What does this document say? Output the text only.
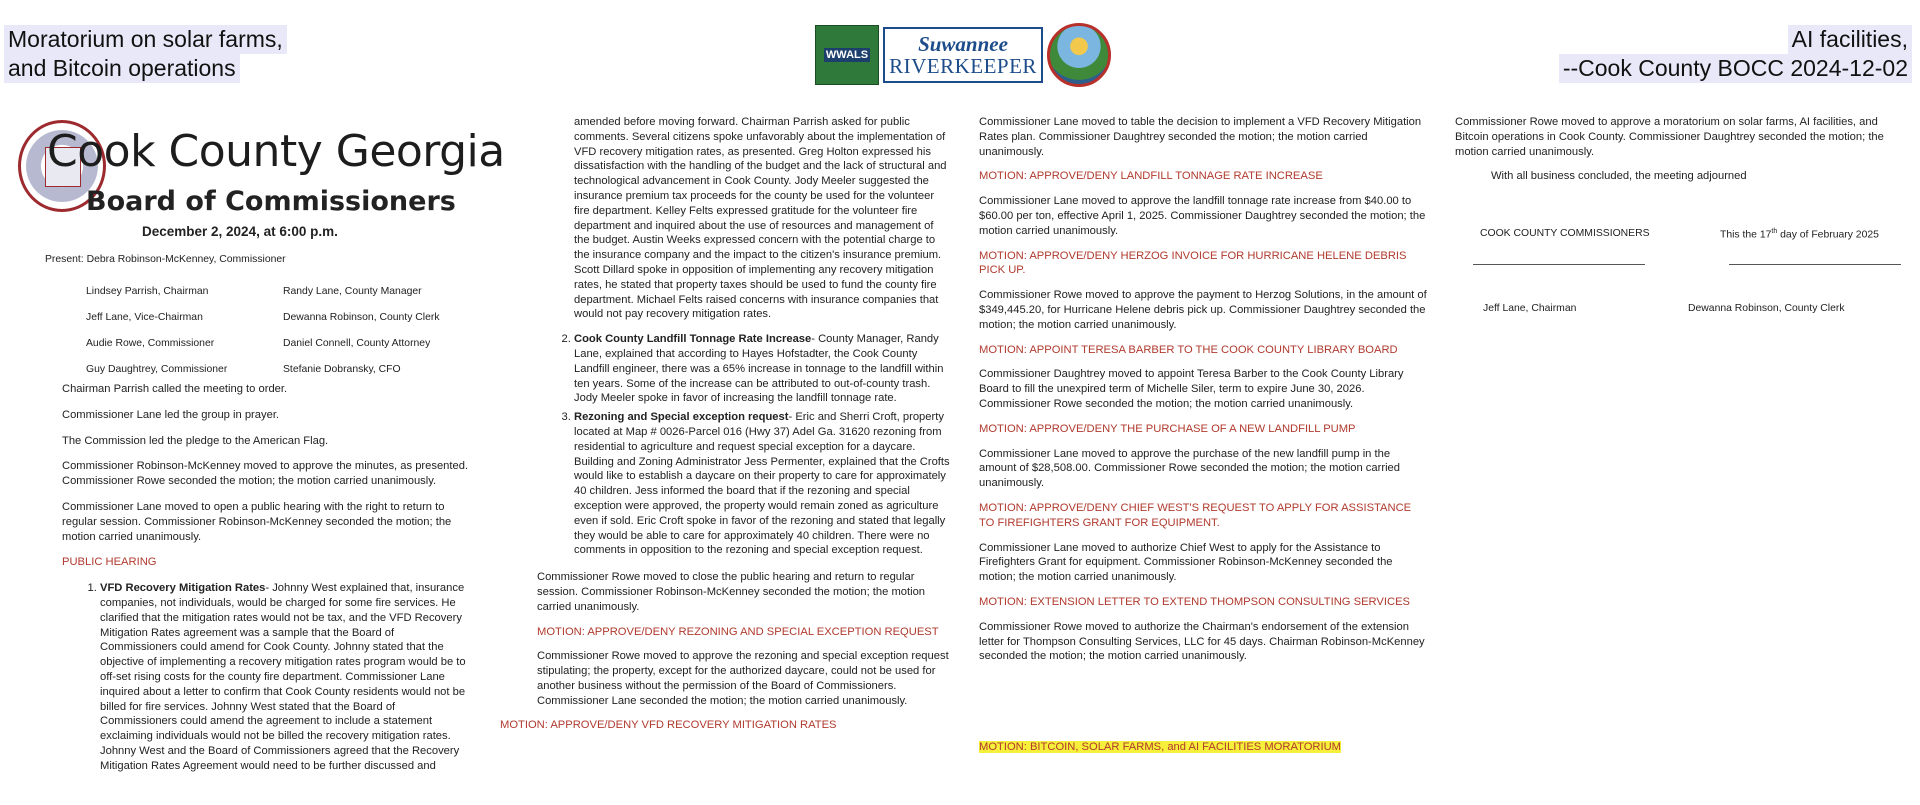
Moratorium on solar farms,
and Bitcoin operations
AI facilities,
--Cook County BOCC 2024-12-02
WWALS Suwannee
RIVERKEEPER
Cook County Georgia
Board of Commissioners
December 2, 2024, at 6:00 p.m.
Present: Debra Robinson-McKenney, Commissioner
Lindsey Parrish, Chairman	Randy Lane, County Manager
Jeff Lane, Vice-Chairman	Dewanna Robinson, County Clerk
Audie Rowe, Commissioner	Daniel Connell, County Attorney
Guy Daughtrey, Commissioner	Stefanie Dobransky, CFO

Chairman Parrish called the meeting to order.

Commissioner Lane led the group in prayer.

The Commission led the pledge to the American Flag.

Commissioner Robinson-McKenney moved to approve the minutes, as presented. Commissioner Rowe seconded the motion; the motion carried unanimously.

Commissioner Lane moved to open a public hearing with the right to return to regular session. Commissioner Robinson-McKenney seconded the motion; the motion carried unanimously.

PUBLIC HEARING

1. VFD Recovery Mitigation Rates- Johnny West explained that, insurance companies, not individuals, would be charged for some fire services. He clarified that the mitigation rates would not be tax, and the VFD Recovery Mitigation Rates agreement was a sample that the Board of Commissioners could amend for Cook County. Johnny stated that the objective of implementing a recovery mitigation rates program would be to off-set rising costs for the county fire department. Commissioner Lane inquired about a letter to confirm that Cook County residents would not be billed for fire services. Johnny West stated that the Board of Commissioners could amend the agreement to include a statement exclaiming individuals would not be billed the recovery mitigation rates. Johnny West and the Board of Commissioners agreed that the Recovery Mitigation Rates Agreement would need to be further discussed and

amended before moving forward. Chairman Parrish asked for public comments. Several citizens spoke unfavorably about the implementation of VFD recovery mitigation rates, as presented. Greg Holton expressed his dissatisfaction with the handling of the budget and the lack of structural and technological advancement in Cook County. Jody Meeler suggested the insurance premium tax proceeds for the county be used for the volunteer fire department. Kelley Felts expressed gratitude for the volunteer fire department and inquired about the use of resources and management of the budget. Austin Weeks expressed concern with the potential charge to the insurance company and the impact to the citizen's insurance premium. Scott Dillard spoke in opposition of implementing any recovery mitigation rates, he stated that property taxes should be used to fund the county fire department. Michael Felts raised concerns with insurance companies that would not pay recovery mitigation rates.

2. Cook County Landfill Tonnage Rate Increase- County Manager, Randy Lane, explained that according to Hayes Hofstadter, the Cook County Landfill engineer, there was a 65% increase in tonnage to the landfill within ten years. Some of the increase can be attributed to out-of-county trash. Jody Meeler spoke in favor of increasing the landfill tonnage rate.
3. Rezoning and Special exception request- Eric and Sherri Croft, property located at Map # 0026-Parcel 016 (Hwy 37) Adel Ga. 31620 rezoning from residential to agriculture and request special exception for a daycare. Building and Zoning Administrator Jess Permenter, explained that the Crofts would like to establish a daycare on their property to care for approximately 40 children. Jess informed the board that if the rezoning and special exception were approved, the property would remain zoned as agriculture even if sold. Eric Croft spoke in favor of the rezoning and stated that legally they would be able to care for approximately 40 children. There were no comments in opposition to the rezoning and special exception request.

Commissioner Rowe moved to close the public hearing and return to regular session. Commissioner Robinson-McKenney seconded the motion; the motion carried unanimously.

MOTION: APPROVE/DENY REZONING AND SPECIAL EXCEPTION REQUEST

Commissioner Rowe moved to approve the rezoning and special exception request stipulating; the property, except for the authorized daycare, could not be used for another business without the permission of the Board of Commissioners. Commissioner Lane seconded the motion; the motion carried unanimously.

MOTION: APPROVE/DENY VFD RECOVERY MITIGATION RATES

Commissioner Lane moved to table the decision to implement a VFD Recovery Mitigation Rates plan. Commissioner Daughtrey seconded the motion; the motion carried unanimously.

MOTION: APPROVE/DENY LANDFILL TONNAGE RATE INCREASE

Commissioner Lane moved to approve the landfill tonnage rate increase from $40.00 to $60.00 per ton, effective April 1, 2025. Commissioner Daughtrey seconded the motion; the motion carried unanimously.

MOTION: APPROVE/DENY HERZOG INVOICE FOR HURRICANE HELENE DEBRIS PICK UP.

Commissioner Rowe moved to approve the payment to Herzog Solutions, in the amount of $349,445.20, for Hurricane Helene debris pick up. Commissioner Daughtrey seconded the motion; the motion carried unanimously.

MOTION: APPOINT TERESA BARBER TO THE COOK COUNTY LIBRARY BOARD

Commissioner Daughtrey moved to appoint Teresa Barber to the Cook County Library Board to fill the unexpired term of Michelle Siler, term to expire June 30, 2026. Commissioner Rowe seconded the motion; the motion carried unanimously.

MOTION: APPROVE/DENY THE PURCHASE OF A NEW LANDFILL PUMP

Commissioner Lane moved to approve the purchase of the new landfill pump in the amount of $28,508.00. Commissioner Rowe seconded the motion; the motion carried unanimously.

MOTION: APPROVE/DENY CHIEF WEST'S REQUEST TO APPLY FOR ASSISTANCE TO FIREFIGHTERS GRANT FOR EQUIPMENT.

Commissioner Lane moved to authorize Chief West to apply for the Assistance to Firefighters Grant for equipment. Commissioner Robinson-McKenney seconded the motion; the motion carried unanimously.

MOTION: EXTENSION LETTER TO EXTEND THOMPSON CONSULTING SERVICES

Commissioner Rowe moved to authorize the Chairman's endorsement of the extension letter for Thompson Consulting Services, LLC for 45 days. Chairman Robinson-McKenney seconded the motion; the motion carried unanimously.

MOTION: BITCOIN, SOLAR FARMS, and AI FACILITIES MORATORIUM

Commissioner Rowe moved to approve a moratorium on solar farms, AI facilities, and Bitcoin operations in Cook County. Commissioner Daughtrey seconded the motion; the motion carried unanimously.

With all business concluded, the meeting adjourned

COOK COUNTY COMMISSIONERS	This the 17th day of February 2025
Jeff Lane, Chairman	Dewanna Robinson, County Clerk
